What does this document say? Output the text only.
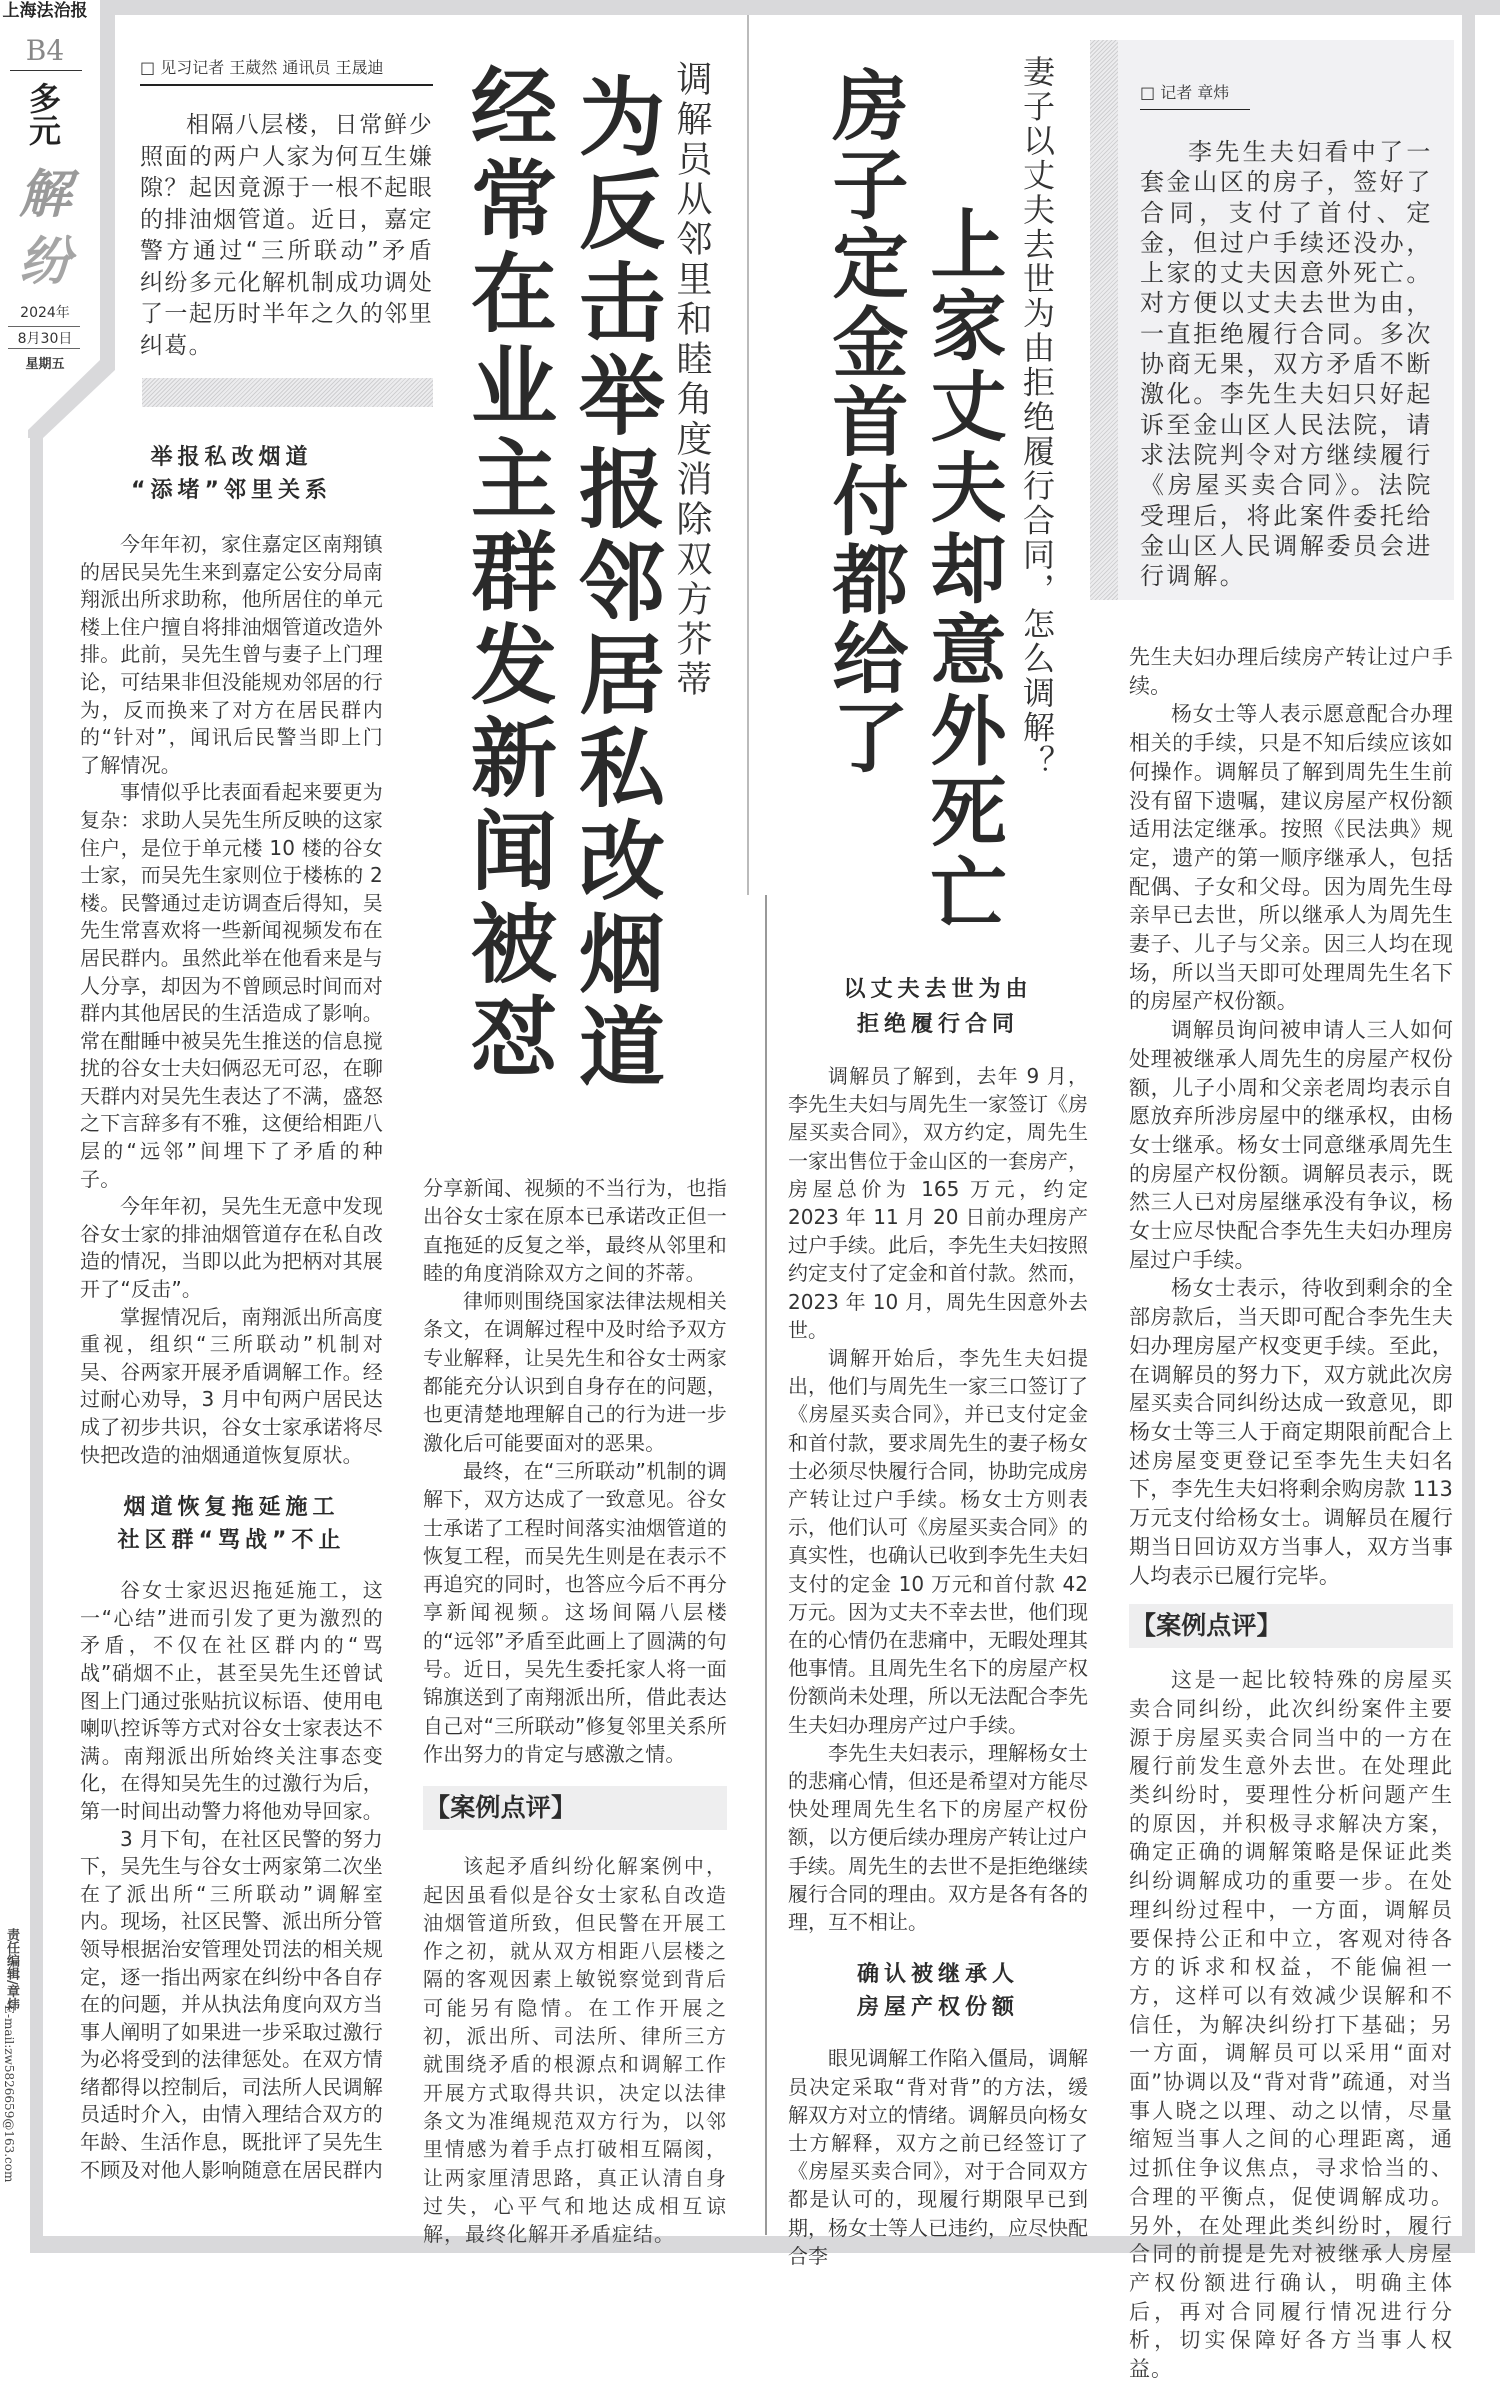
上海法治报
B4
多元
解
纷
2024年
8月30日
星期五
责任编辑/章炜
E-mail:zw5826659@163.com
□ 见习记者 王葳然 通讯员 王晟迪
相隔八层楼，日常鲜少照面的两户人家为何互生嫌隙？起因竟源于一根不起眼的排油烟管道。近日，嘉定警方通过“三所联动”矛盾纠纷多元化解机制成功调处了一起历时半年之久的邻里纠葛。	调解员从邻里和睦角度消除双方芥蒂
为反击举报邻居私改烟道
经常在业主群发新闻被怼
举报私改烟道
“添堵”邻里关系

今年年初，家住嘉定区南翔镇的居民吴先生来到嘉定公安分局南翔派出所求助称，他所居住的单元楼上住户擅自将排油烟管道改造外排。此前，吴先生曾与妻子上门理论，可结果非但没能规劝邻居的行为，反而换来了对方在居民群内的“针对”，闻讯后民警当即上门了解情况。

事情似乎比表面看起来要更为复杂：求助人吴先生所反映的这家住户，是位于单元楼 10 楼的谷女士家，而吴先生家则位于楼栋的 2 楼。民警通过走访调查后得知，吴先生常喜欢将一些新闻视频发布在居民群内。虽然此举在他看来是与人分享，却因为不曾顾忌时间而对群内其他居民的生活造成了影响。常在酣睡中被吴先生推送的信息搅扰的谷女士夫妇俩忍无可忍，在聊天群内对吴先生表达了不满，盛怒之下言辞多有不雅，这便给相距八层的“远邻”间埋下了矛盾的种子。

今年年初，吴先生无意中发现谷女士家的排油烟管道存在私自改造的情况，当即以此为把柄对其展开了“反击”。

掌握情况后，南翔派出所高度重视，组织“三所联动”机制对吴、谷两家开展矛盾调解工作。经过耐心劝导，3 月中旬两户居民达成了初步共识，谷女士家承诺将尽快把改造的油烟通道恢复原状。

烟道恢复拖延施工
社区群“骂战”不止

谷女士家迟迟拖延施工，这一“心结”进而引发了更为激烈的矛盾，不仅在社区群内的“骂战”硝烟不止，甚至吴先生还曾试图上门通过张贴抗议标语、使用电喇叭控诉等方式对谷女士家表达不满。南翔派出所始终关注事态变化，在得知吴先生的过激行为后，第一时间出动警力将他劝导回家。

3 月下旬，在社区民警的努力下，吴先生与谷女士两家第二次坐在了派出所“三所联动”调解室内。现场，社区民警、派出所分管领导根据治安管理处罚法的相关规定，逐一指出两家在纠纷中各自存在的问题，并从执法角度向双方当事人阐明了如果进一步采取过激行为必将受到的法律惩处。在双方情绪都得以控制后，司法所人民调解员适时介入，由情入理结合双方的年龄、生活作息，既批评了吴先生不顾及对他人影响随意在居民群内

分享新闻、视频的不当行为，也指出谷女士家在原本已承诺改正但一直拖延的反复之举，最终从邻里和睦的角度消除双方之间的芥蒂。

律师则围绕国家法律法规相关条文，在调解过程中及时给予双方专业解释，让吴先生和谷女士两家都能充分认识到自身存在的问题，也更清楚地理解自己的行为进一步激化后可能要面对的恶果。

最终，在“三所联动”机制的调解下，双方达成了一致意见。谷女士承诺了工程时间落实油烟管道的恢复工程，而吴先生则是在表示不再追究的同时，也答应今后不再分享新闻视频。这场间隔八层楼的“远邻”矛盾至此画上了圆满的句号。近日，吴先生委托家人将一面锦旗送到了南翔派出所，借此表达自己对“三所联动”修复邻里关系所作出努力的肯定与感激之情。

【案例点评】

该起矛盾纠纷化解案例中，起因虽看似是谷女士家私自改造油烟管道所致，但民警在开展工作之初，就从双方相距八层楼之隔的客观因素上敏锐察觉到背后可能另有隐情。在工作开展之初，派出所、司法所、律所三方就围绕矛盾的根源点和调解工作开展方式取得共识，决定以法律条文为准绳规范双方行为，以邻里情感为着手点打破相互隔阂，让两家厘清思路，真正认清自身过失，心平气和地达成相互谅解，最终化解开矛盾症结。

妻子以丈夫去世为由拒绝履行合同，怎么调解？
上家丈夫却意外死亡
房子定金首付都给了	□ 记者 章炜
李先生夫妇看中了一套金山区的房子，签好了合同，支付了首付、定金，但过户手续还没办，上家的丈夫因意外死亡。对方便以丈夫去世为由，一直拒绝履行合同。多次协商无果，双方矛盾不断激化。李先生夫妇只好起诉至金山区人民法院，请求法院判令对方继续履行《房屋买卖合同》。法院受理后，将此案件委托给金山区人民调解委员会进行调解。
以丈夫去世为由
拒绝履行合同

调解员了解到，去年 9 月，李先生夫妇与周先生一家签订《房屋买卖合同》，双方约定，周先生一家出售位于金山区的一套房产，房屋总价为 165 万元，约定 2023 年 11 月 20 日前办理房产过户手续。此后，李先生夫妇按照约定支付了定金和首付款。然而，2023 年 10 月，周先生因意外去世。

调解开始后，李先生夫妇提出，他们与周先生一家三口签订了《房屋买卖合同》，并已支付定金和首付款，要求周先生的妻子杨女士必须尽快履行合同，协助完成房产转让过户手续。杨女士方则表示，他们认可《房屋买卖合同》的真实性，也确认已收到李先生夫妇支付的定金 10 万元和首付款 42 万元。因为丈夫不幸去世，他们现在的心情仍在悲痛中，无暇处理其他事情。且周先生名下的房屋产权份额尚未处理，所以无法配合李先生夫妇办理房产过户手续。

李先生夫妇表示，理解杨女士的悲痛心情，但还是希望对方能尽快处理周先生名下的房屋产权份额，以方便后续办理房产转让过户手续。周先生的去世不是拒绝继续履行合同的理由。双方是各有各的理，互不相让。

确认被继承人
房屋产权份额

眼见调解工作陷入僵局，调解员决定采取“背对背”的方法，缓解双方对立的情绪。调解员向杨女士方解释，双方之前已经签订了《房屋买卖合同》，对于合同双方都是认可的，现履行期限早已到期，杨女士等人已违约，应尽快配合李

先生夫妇办理后续房产转让过户手续。

杨女士等人表示愿意配合办理相关的手续，只是不知后续应该如何操作。调解员了解到周先生生前没有留下遗嘱，建议房屋产权份额适用法定继承。按照《民法典》规定，遗产的第一顺序继承人，包括配偶、子女和父母。因为周先生母亲早已去世，所以继承人为周先生妻子、儿子与父亲。因三人均在现场，所以当天即可处理周先生名下的房屋产权份额。

调解员询问被申请人三人如何处理被继承人周先生的房屋产权份额，儿子小周和父亲老周均表示自愿放弃所涉房屋中的继承权，由杨女士继承。杨女士同意继承周先生的房屋产权份额。调解员表示，既然三人已对房屋继承没有争议，杨女士应尽快配合李先生夫妇办理房屋过户手续。

杨女士表示，待收到剩余的全部房款后，当天即可配合李先生夫妇办理房屋产权变更手续。至此，在调解员的努力下，双方就此次房屋买卖合同纠纷达成一致意见，即杨女士等三人于商定期限前配合上述房屋变更登记至李先生夫妇名下，李先生夫妇将剩余购房款 113 万元支付给杨女士。调解员在履行期当日回访双方当事人，双方当事人均表示已履行完毕。

【案例点评】

这是一起比较特殊的房屋买卖合同纠纷，此次纠纷案件主要源于房屋买卖合同当中的一方在履行前发生意外去世。在处理此类纠纷时，要理性分析问题产生的原因，并积极寻求解决方案，确定正确的调解策略是保证此类纠纷调解成功的重要一步。在处理纠纷过程中，一方面，调解员要保持公正和中立，客观对待各方的诉求和权益，不能偏袒一方，这样可以有效减少误解和不信任，为解决纠纷打下基础；另一方面，调解员可以采用“面对面”协调以及“背对背”疏通，对当事人晓之以理、动之以情，尽量缩短当事人之间的心理距离，通过抓住争议焦点，寻求恰当的、合理的平衡点，促使调解成功。另外，在处理此类纠纷时，履行合同的前提是先对被继承人房屋产权份额进行确认，明确主体后，再对合同履行情况进行分析，切实保障好各方当事人权益。
